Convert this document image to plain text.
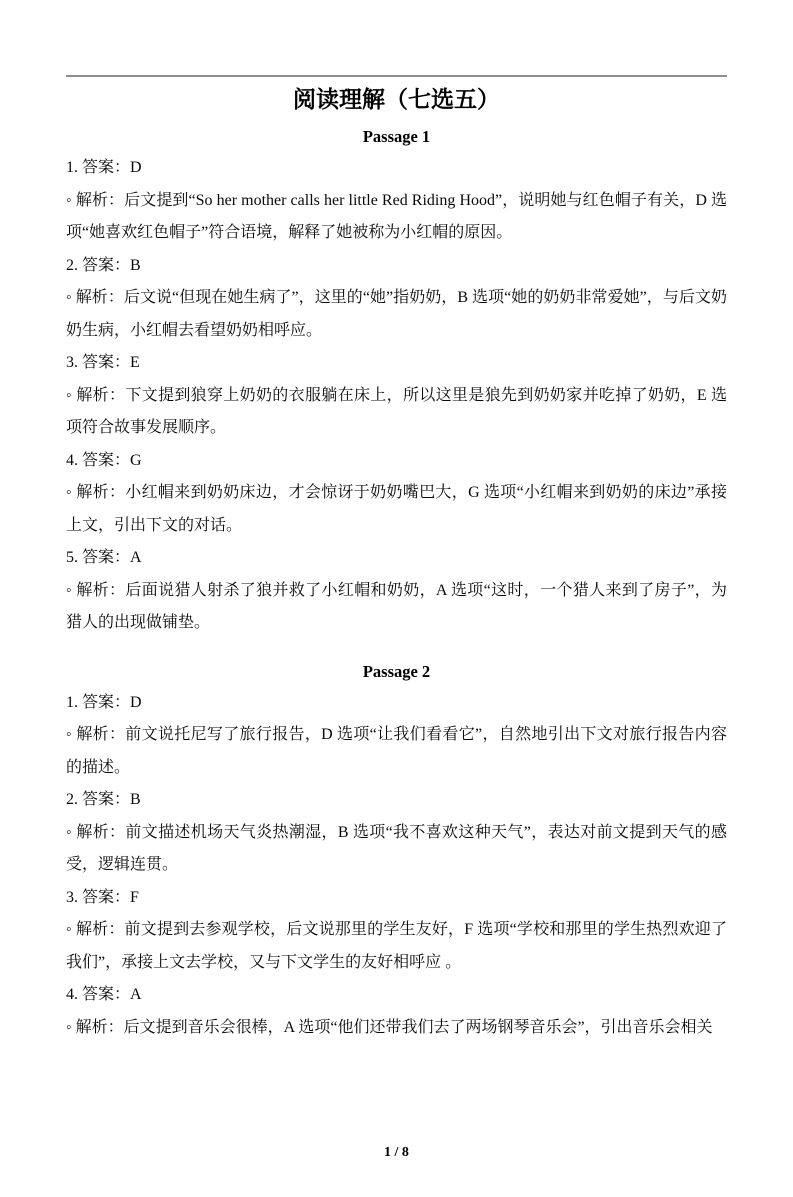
阅读理解（七选五）
Passage 1

1. 答案：D

◦ 解析：后文提到“So her mother calls her little Red Riding Hood”，说明她与红色帽子有关，D 选项“她喜欢红色帽子”符合语境，解释了她被称为小红帽的原因。

2. 答案：B

◦ 解析：后文说“但现在她生病了”，这里的“她”指奶奶，B 选项“她的奶奶非常爱她”，与后文奶奶生病，小红帽去看望奶奶相呼应。

3. 答案：E

◦ 解析：下文提到狼穿上奶奶的衣服躺在床上，所以这里是狼先到奶奶家并吃掉了奶奶，E 选项符合故事发展顺序。

4. 答案：G

◦ 解析：小红帽来到奶奶床边，才会惊讶于奶奶嘴巴大，G 选项“小红帽来到奶奶的床边”承接上文，引出下文的对话。

5. 答案：A

◦ 解析：后面说猎人射杀了狼并救了小红帽和奶奶，A 选项“这时，一个猎人来到了房子”，为猎人的出现做铺垫。

Passage 2

1. 答案：D

◦ 解析：前文说托尼写了旅行报告，D 选项“让我们看看它”，自然地引出下文对旅行报告内容的描述。

2. 答案：B

◦ 解析：前文描述机场天气炎热潮湿，B 选项“我不喜欢这种天气”，表达对前文提到天气的感受，逻辑连贯。

3. 答案：F

◦ 解析：前文提到去参观学校，后文说那里的学生友好，F 选项“学校和那里的学生热烈欢迎了我们”，承接上文去学校，又与下文学生的友好相呼应 。

4. 答案：A

◦ 解析：后文提到音乐会很棒，A 选项“他们还带我们去了两场钢琴音乐会”，引出音乐会相关

1 / 8
